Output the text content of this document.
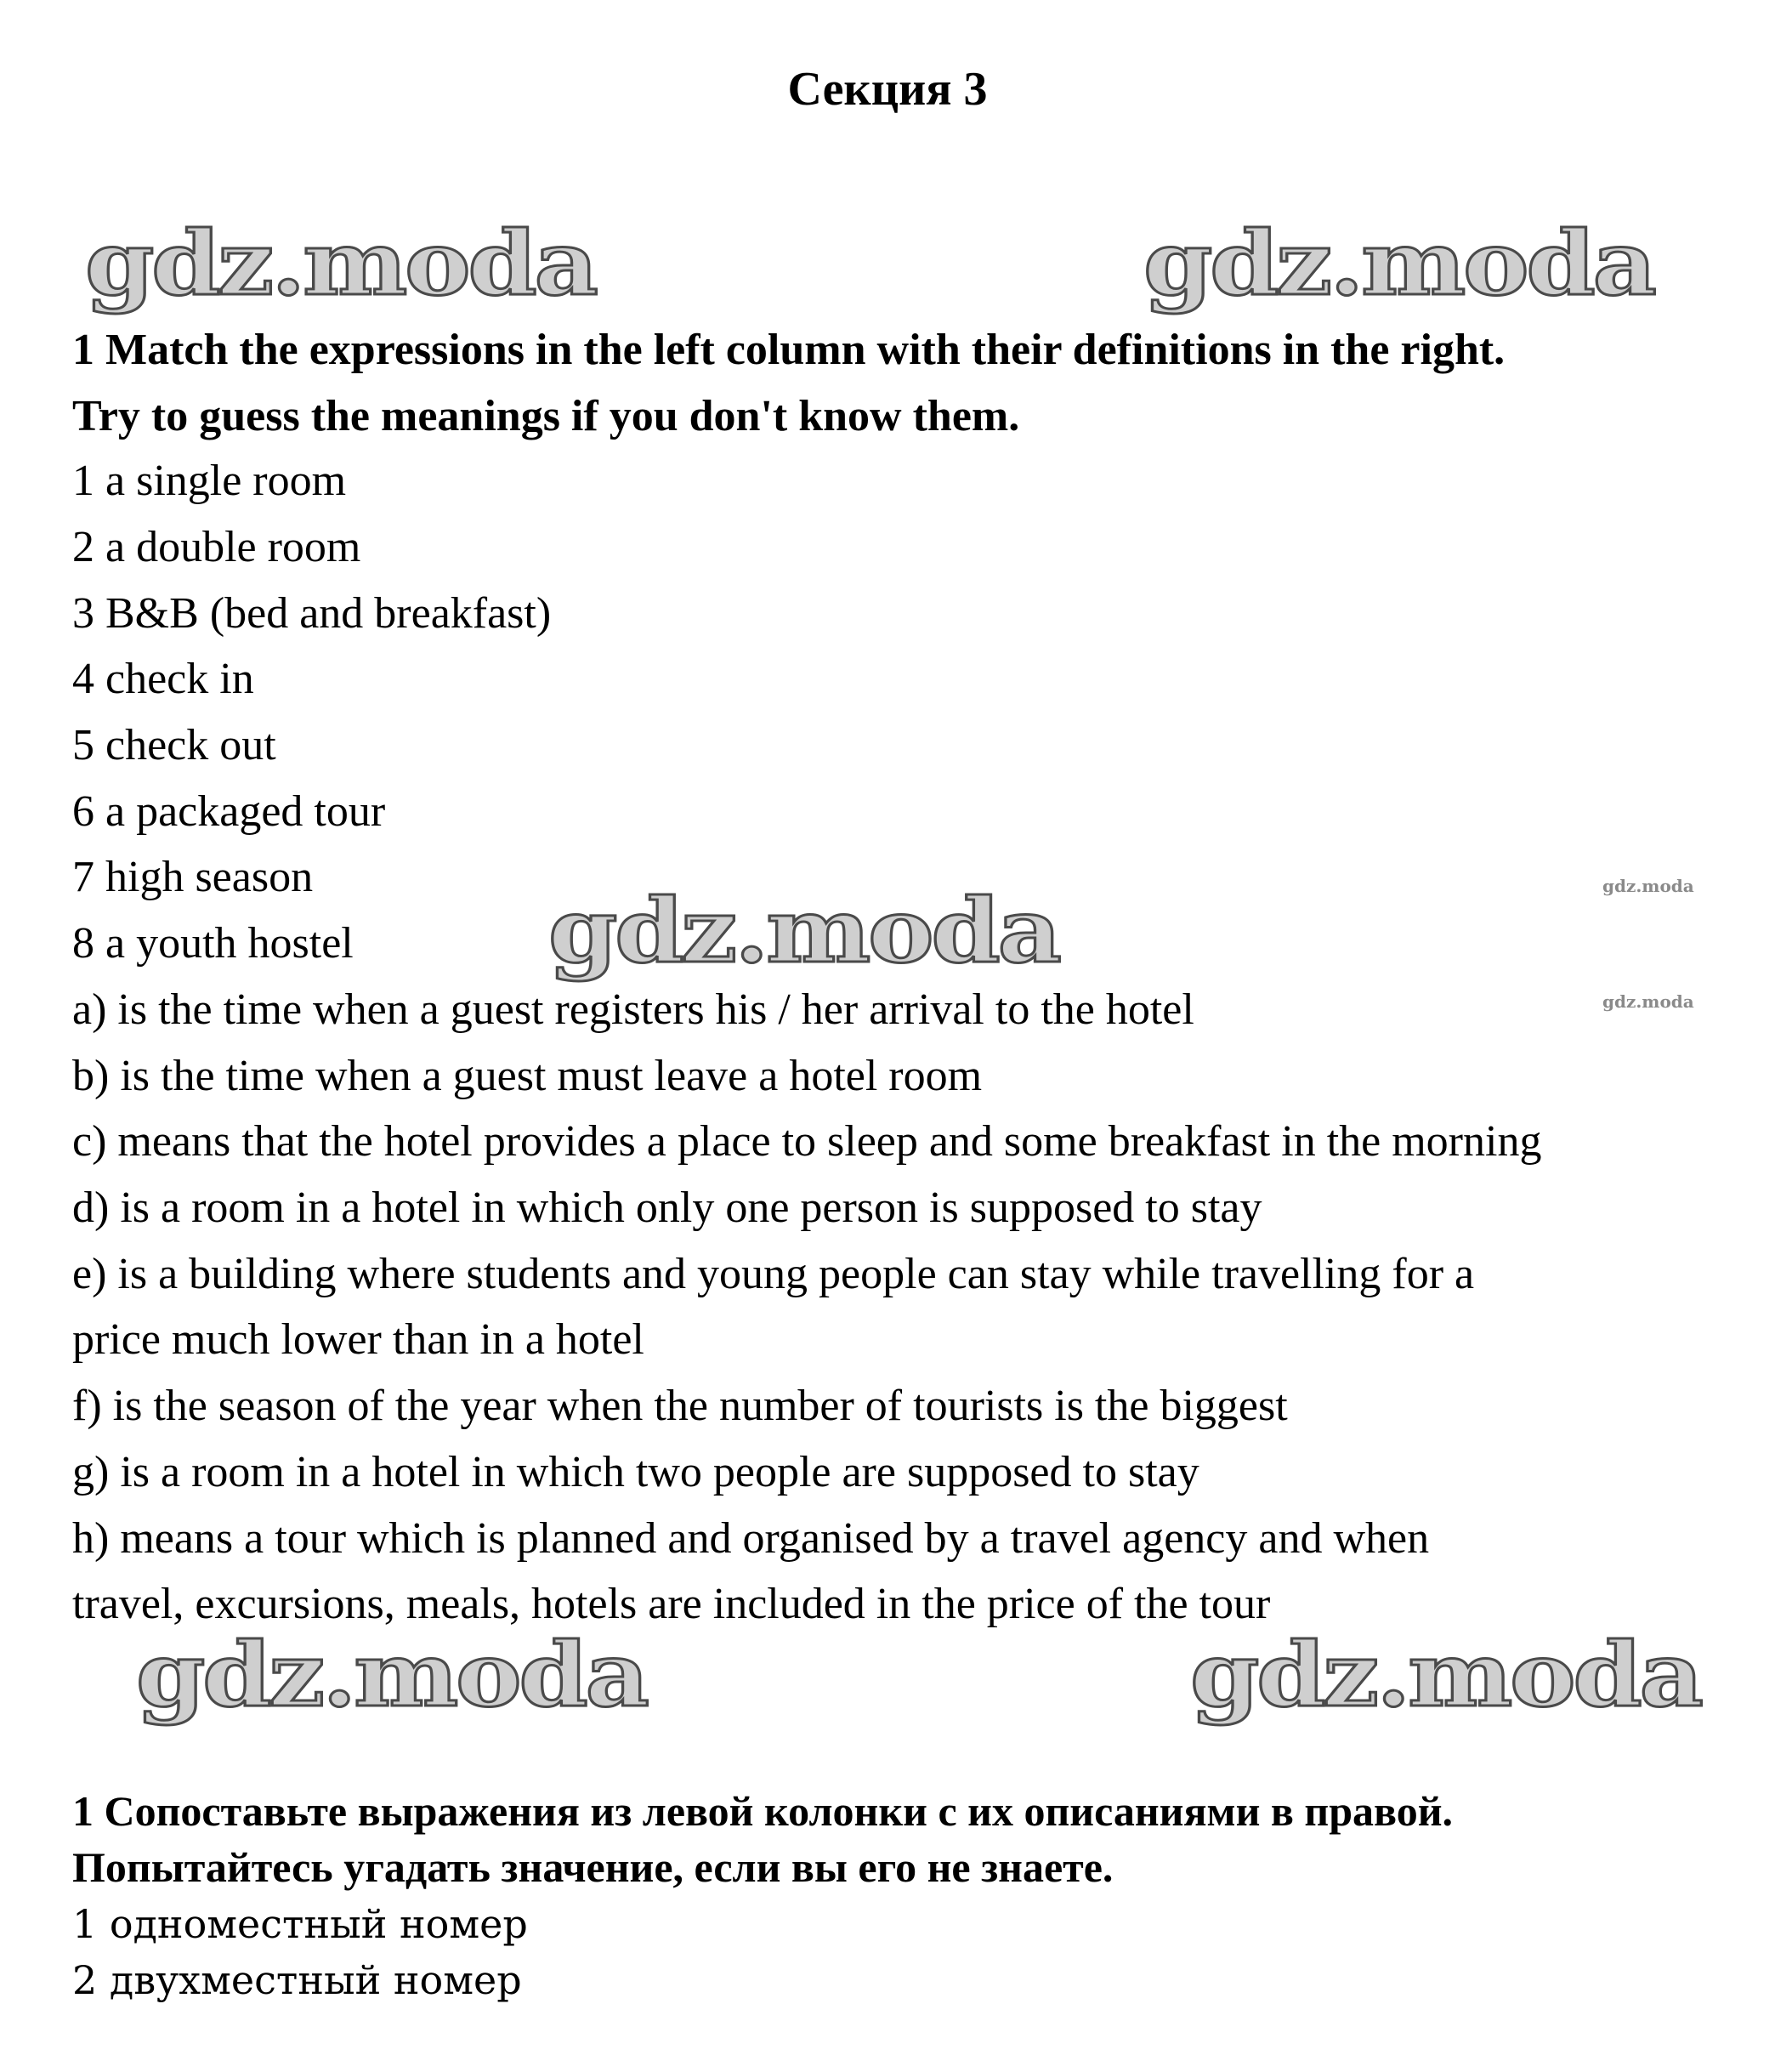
Секция 3
gdz.moda	gdz.moda
gdz.moda
gdz.moda	gdz.moda
gdz.moda
gdz.moda
1 Match the expressions in the left column with their definitions in the right.
Try to guess the meanings if you don't know them.
1 a single room
2 a double room
3 B&B (bed and breakfast)
4 check in
5 check out
6 a packaged tour
7 high season
8 a youth hostel
a) is the time when a guest registers his / her arrival to the hotel
b) is the time when a guest must leave a hotel room
c) means that the hotel provides a place to sleep and some breakfast in the morning
d) is a room in a hotel in which only one person is supposed to stay
e) is a building where students and young people can stay while travelling for a
price much lower than in a hotel
f) is the season of the year when the number of tourists is the biggest
g) is a room in a hotel in which two people are supposed to stay
h) means a tour which is planned and organised by a travel agency and when
travel, excursions, meals, hotels are included in the price of the tour
1 Сопоставьте выражения из левой колонки с их описаниями в правой.
Попытайтесь угадать значение, если вы его не знаете.
1 одноместный номер
2 двухместный номер
